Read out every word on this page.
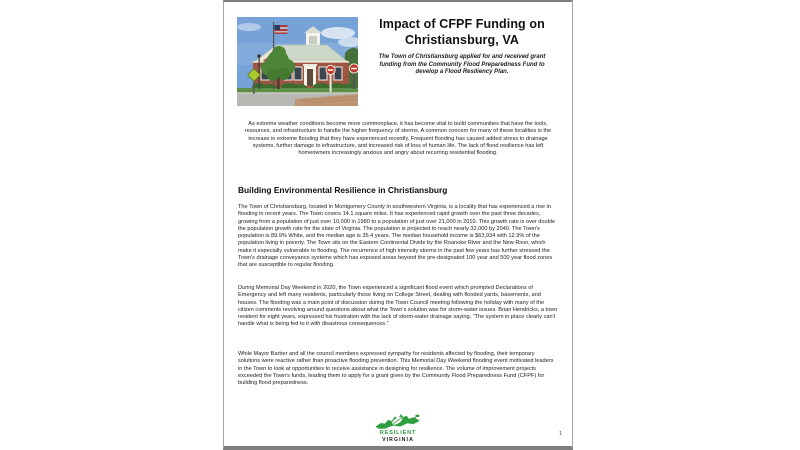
Impact of CFPF Funding on
Christiansburg, VA

The Town of Christiansburg applied for and received grant funding from the Community Flood Preparedness Fund to develop a Flood Resiliency Plan.

As extreme weather conditions become more commonplace, it has become vital to build communities that have the tools, resources, and infrastructure to handle the higher frequency of storms. A common concern for many of these localities is the increase in extreme flooding that they have experienced recently. Frequent flooding has caused added stress to drainage systems, further damage to infrastructure, and increased risk of loss of human life. The lack of flood resilience has left homeowners increasingly anxious and angry about recurring residential flooding.

Building Environmental Resilience in Christiansburg

The Town of Christiansburg, located in Montgomery County in southwestern Virginia, is a locality that has experienced a rise in flooding in recent years. The Town covers 14.1 square miles. It has experienced rapid growth over the past three decades, growing from a population of just over 10,000 in 1980 to a population of just over 21,000 in 2010. This growth rate is over double the population growth rate for the state of Virginia. The population is projected to reach nearly 32,000 by 2040. The Town's population is 89.9% White, and the median age is 35.4 years. The median household income is $63,934 with 12.9% of the population living in poverty. The Town sits on the Eastern Continental Divide by the Roanoke River and the New River, which make it especially vulnerable to flooding. The recurrence of high intensity storms in the past few years has further stressed the Town's drainage conveyance systems which has exposed areas beyond the pre-designated 100 year and 500 year flood zones that are susceptible to regular flooding.

During Memorial Day Weekend in 2020, the Town experienced a significant flood event which prompted Declarations of Emergency and left many residents, particularly those living on College Street, dealing with flooded yards, basements, and houses. The flooding was a main point of discussion during the Town Council meeting following the holiday with many of the citizen comments revolving around questions about what the Town's solution was for storm-water issues. Brian Hendricks, a town resident for eight years, expressed his frustration with the lack of storm-water drainage saying, “The system in place clearly can't handle what is being fed to it with disastrous consequences.”

While Mayor Barber and all the council members expressed sympathy for residents affected by flooding, their temporary solutions were reactive rather than proactive flooding prevention. This Memorial Day Weekend flooding event motivated leaders in the Town to look at opportunities to receive assistance in designing for resilience. The volume of improvement projects exceeded the Town's funds, leading them to apply for a grant given by the Community Flood Preparedness Fund (CFPF) for building flood preparedness.

RESILIENT
VIRGINIA
1
